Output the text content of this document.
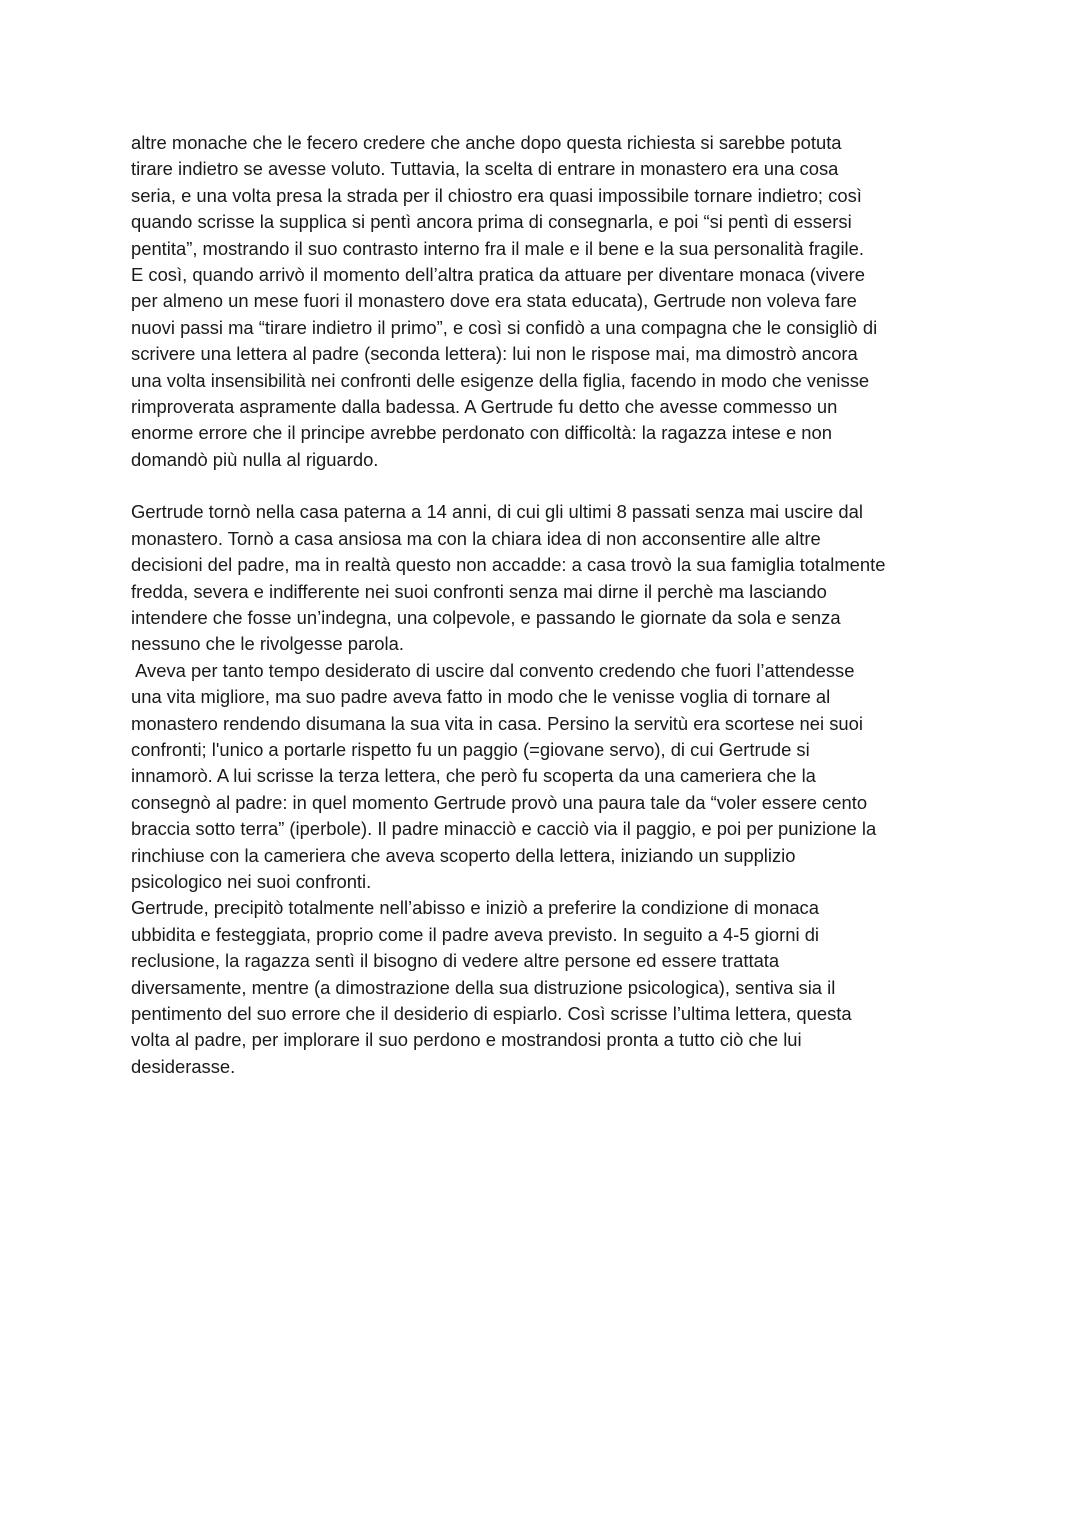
altre monache che le fecero credere che anche dopo questa richiesta si sarebbe potuta
tirare indietro se avesse voluto. Tuttavia, la scelta di entrare in monastero era una cosa
seria, e una volta presa la strada per il chiostro era quasi impossibile tornare indietro; così
quando scrisse la supplica si pentì ancora prima di consegnarla, e poi “si pentì di essersi
pentita”, mostrando il suo contrasto interno fra il male e il bene e la sua personalità fragile.
E così, quando arrivò il momento dell’altra pratica da attuare per diventare monaca (vivere
per almeno un mese fuori il monastero dove era stata educata), Gertrude non voleva fare
nuovi passi ma “tirare indietro il primo”, e così si confidò a una compagna che le consigliò di
scrivere una lettera al padre (seconda lettera): lui non le rispose mai, ma dimostrò ancora
una volta insensibilità nei confronti delle esigenze della figlia, facendo in modo che venisse
rimproverata aspramente dalla badessa. A Gertrude fu detto che avesse commesso un
enorme errore che il principe avrebbe perdonato con difficoltà: la ragazza intese e non
domandò più nulla al riguardo.
Gertrude tornò nella casa paterna a 14 anni, di cui gli ultimi 8 passati senza mai uscire dal
monastero. Tornò a casa ansiosa ma con la chiara idea di non acconsentire alle altre
decisioni del padre, ma in realtà questo non accadde: a casa trovò la sua famiglia totalmente
fredda, severa e indifferente nei suoi confronti senza mai dirne il perchè ma lasciando
intendere che fosse un’indegna, una colpevole, e passando le giornate da sola e senza
nessuno che le rivolgesse parola.
Aveva per tanto tempo desiderato di uscire dal convento credendo che fuori l’attendesse
una vita migliore, ma suo padre aveva fatto in modo che le venisse voglia di tornare al
monastero rendendo disumana la sua vita in casa. Persino la servitù era scortese nei suoi
confronti; l'unico a portarle rispetto fu un paggio (=giovane servo), di cui Gertrude si
innamorò. A lui scrisse la terza lettera, che però fu scoperta da una cameriera che la
consegnò al padre: in quel momento Gertrude provò una paura tale da “voler essere cento
braccia sotto terra” (iperbole). Il padre minacciò e cacciò via il paggio, e poi per punizione la
rinchiuse con la cameriera che aveva scoperto della lettera, iniziando un supplizio
psicologico nei suoi confronti.
Gertrude, precipitò totalmente nell’abisso e iniziò a preferire la condizione di monaca
ubbidita e festeggiata, proprio come il padre aveva previsto. In seguito a 4-5 giorni di
reclusione, la ragazza sentì il bisogno di vedere altre persone ed essere trattata
diversamente, mentre (a dimostrazione della sua distruzione psicologica), sentiva sia il
pentimento del suo errore che il desiderio di espiarlo. Così scrisse l’ultima lettera, questa
volta al padre, per implorare il suo perdono e mostrandosi pronta a tutto ciò che lui
desiderasse.
